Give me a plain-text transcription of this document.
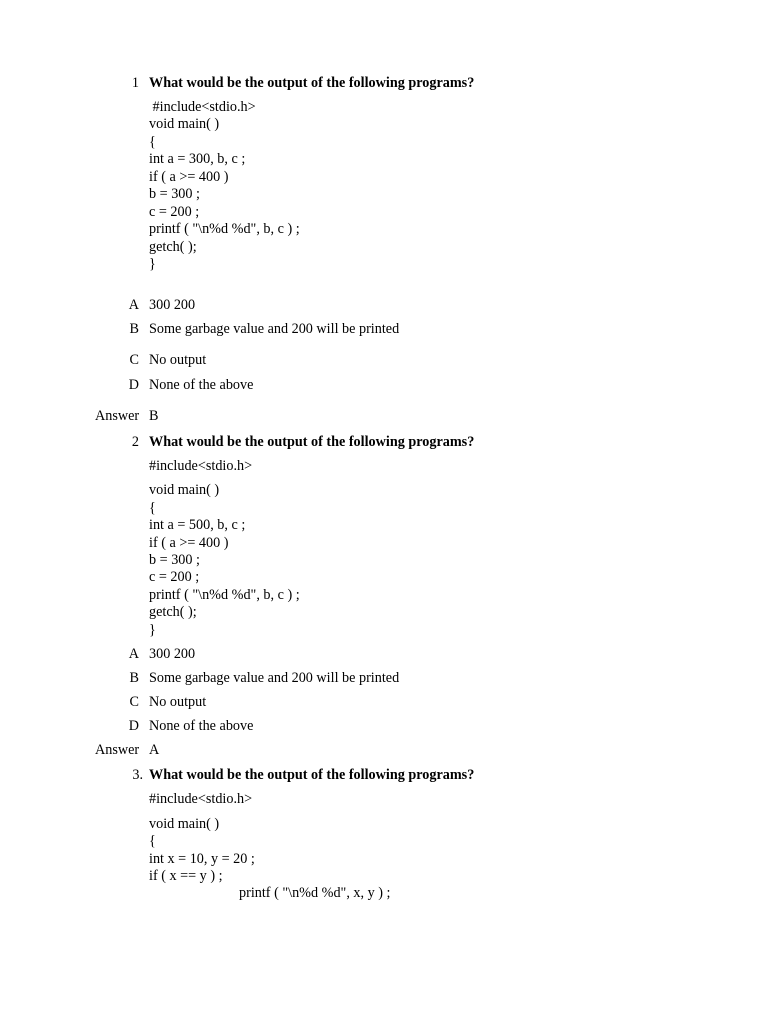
1 What would be the output of the following programs?
#include<stdio.h>
void main( )
{
int a = 300, b, c ;
if ( a >= 400 )
b = 300 ;
c = 200 ;
printf ( "\n%d %d", b, c ) ;
getch( );
}
A 300 200
B Some garbage value and 200 will be printed
C No output
D None of the above
Answer B
2 What would be the output of the following programs?
#include<stdio.h>
void main( )
{
int a = 500, b, c ;
if ( a >= 400 )
b = 300 ;
c = 200 ;
printf ( "\n%d %d", b, c ) ;
getch( );
}
A 300 200
B Some garbage value and 200 will be printed
C No output
D None of the above
Answer A
3. What would be the output of the following programs?
#include<stdio.h>
void main( )
{
int x = 10, y = 20 ;
if ( x == y ) ;
printf ( "\n%d %d", x, y ) ;
